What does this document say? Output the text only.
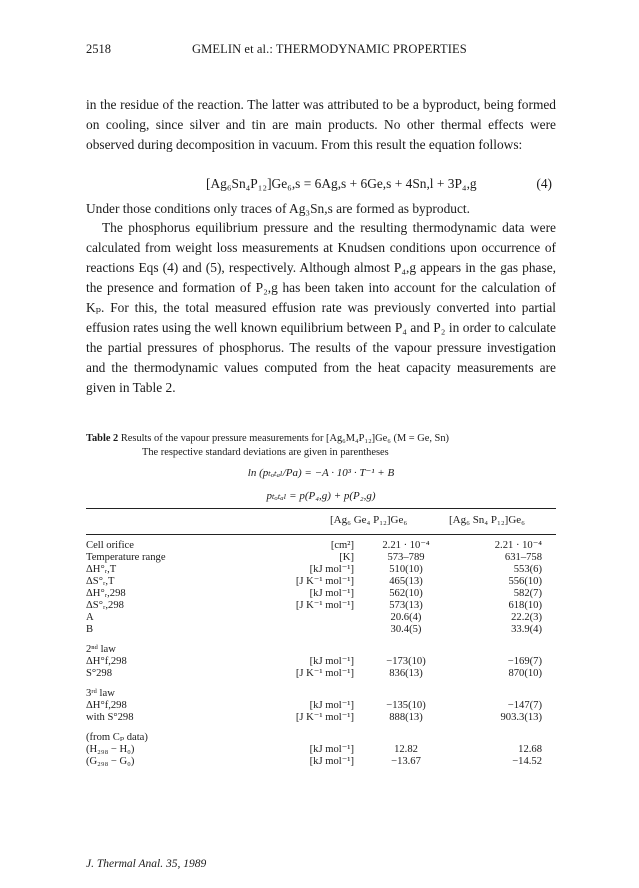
2518	GMELIN et al.: THERMODYNAMIC PROPERTIES
in the residue of the reaction. The latter was attributed to be a byproduct, being formed on cooling, since silver and tin are main products. No other thermal effects were observed during decomposition in vacuum. From this result the equation follows:
[Ag₆Sn₄P₁₂]Ge₆,s = 6Ag,s + 6Ge,s + 4Sn,l + 3P₄,g	(4)
Under those conditions only traces of Ag₃Sn,s are formed as byproduct.
The phosphorus equilibrium pressure and the resulting thermodynamic data were calculated from weight loss measurements at Knudsen conditions upon occurrence of reactions Eqs (4) and (5), respectively. Although almost P₄,g appears in the gas phase, the presence and formation of P₂,g has been taken into account for the calculation of Kₚ. For this, the total measured effusion rate was previously converted into partial effusion rates using the well known equilibrium between P₄ and P₂ in order to calculate the partial pressures of phosphorus. The results of the vapour pressure investigation and the thermodynamic values computed from the heat capacity measurements are given in Table 2.
Table 2 Results of the vapour pressure measurements for [Ag₆M₄P₁₂]Ge₆ (M = Ge, Sn)
The respective standard deviations are given in parentheses
ln (pₜₒₜₐₗ/Pa) = −A · 10³ · T⁻¹ + B
pₜₒₜₐₗ = p(P₄,g) + p(P₂,g)
[Ag₆ Ge₄ P₁₂]Ge₆	[Ag₆ Sn₄ P₁₂]Ge₆
Cell orifice	[cm²]	2.21 · 10⁻⁴	2.21 · 10⁻⁴
Temperature range	[K]	573–789	631–758
ΔH°ᵣ,T	[kJ mol⁻¹]	510(10)	553(6)
ΔS°ᵣ,T	[J K⁻¹ mol⁻¹]	465(13)	556(10)
ΔH°ᵣ,298	[kJ mol⁻¹]	562(10)	582(7)
ΔS°ᵣ,298	[J K⁻¹ mol⁻¹]	573(13)	618(10)
A		20.6(4)	22.2(3)
B		30.4(5)	33.9(4)

2ⁿᵈ law			
ΔH°f,298	[kJ mol⁻¹]	−173(10)	−169(7)
S°298	[J K⁻¹ mol⁻¹]	836(13)	870(10)

3ʳᵈ law			
ΔH°f,298	[kJ mol⁻¹]	−135(10)	−147(7)
with S°298	[J K⁻¹ mol⁻¹]	888(13)	903.3(13)

(from Cₚ data)			
(H₂₉₈ − H₀)	[kJ mol⁻¹]	12.82	12.68
(G₂₉₈ − G₀)	[kJ mol⁻¹]	−13.67	−14.52
J. Thermal Anal. 35, 1989
